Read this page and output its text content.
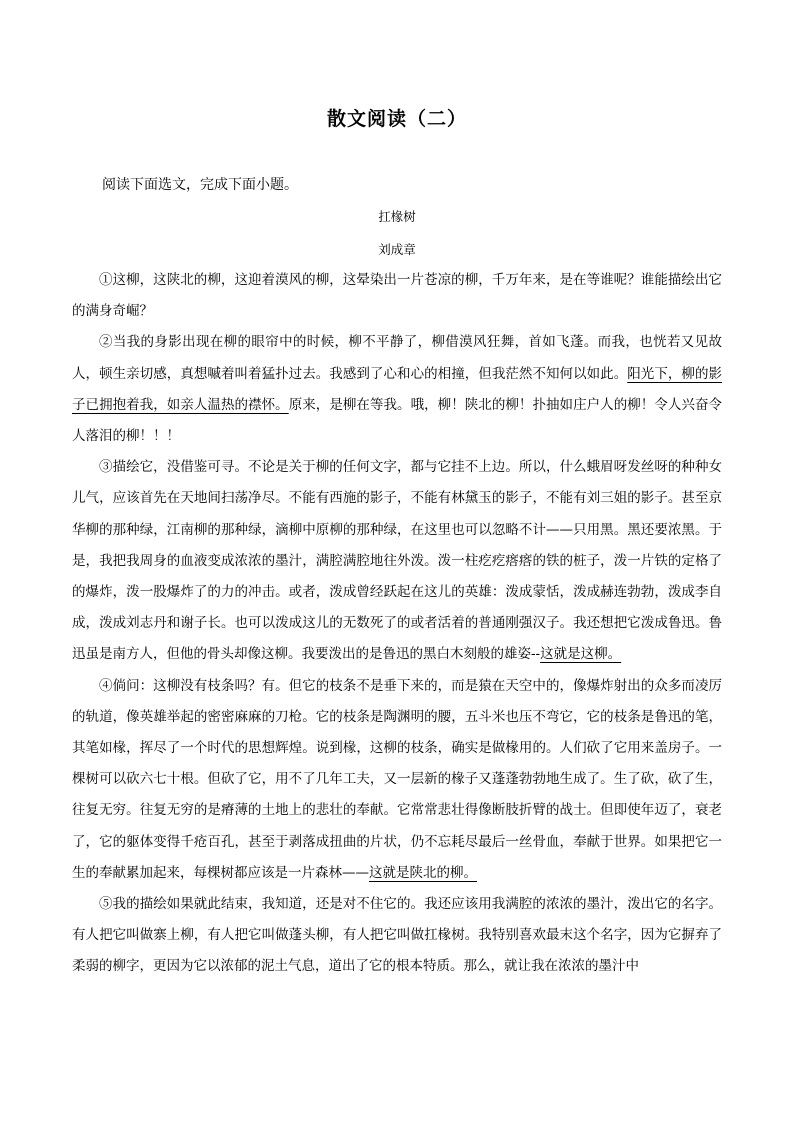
散文阅读（二）
阅读下面选文，完成下面小题。
扛椽树
刘成章

①这柳，这陕北的柳，这迎着漠风的柳，这晕染出一片苍凉的柳，千万年来，是在等谁呢？谁能描绘出它的满身奇崛？

②当我的身影出现在柳的眼帘中的时候，柳不平静了，柳借漠风狂舞，首如飞蓬。而我，也恍若又见故人，顿生亲切感，真想嘁着叫着猛扑过去。我感到了心和心的相撞，但我茫然不知何以如此。阳光下，柳的影子已拥抱着我，如亲人温热的襟怀。原来，是柳在等我。哦，柳！陕北的柳！扑抽如庄户人的柳！令人兴奋令人落泪的柳！！！

③描绘它，没借鉴可寻。不论是关于柳的任何文字，都与它挂不上边。所以，什么蛾眉呀发丝呀的种种女儿气，应该首先在天地间扫荡净尽。不能有西施的影子，不能有林黛玉的影子，不能有刘三姐的影子。甚至京华柳的那种绿，江南柳的那种绿，滴柳中原柳的那种绿，在这里也可以忽略不计——只用黑。黑还要浓黑。于是，我把我周身的血液变成浓浓的墨汁，满腔满腔地往外泼。泼一柱疙疙瘩瘩的铁的桩子，泼一片铁的定格了的爆炸，泼一股爆炸了的力的冲击。或者，泼成曾经跃起在这儿的英雄：泼成蒙恬，泼成赫连勃勃，泼成李自成，泼成刘志丹和谢子长。也可以泼成这儿的无数死了的或者活着的普通刚强汉子。我还想把它泼成鲁迅。鲁迅虽是南方人，但他的骨头却像这柳。我要泼出的是鲁迅的黑白木刻般的雄姿--这就是这柳。

④倘问：这柳没有枝条吗？有。但它的枝条不是垂下来的，而是猿在天空中的，像爆炸射出的众多而凌厉的轨道，像英雄举起的密密麻麻的刀枪。它的枝条是陶渊明的腰，五斗米也压不弯它，它的枝条是鲁迅的笔，其笔如椽，挥尽了一个时代的思想辉煌。说到椽，这柳的枝条，确实是做椽用的。人们砍了它用来盖房子。一棵树可以砍六七十根。但砍了它，用不了几年工夫，又一层新的椽子又蓬蓬勃勃地生成了。生了砍，砍了生，往复无穷。往复无穷的是瘠薄的土地上的悲壮的奉献。它常常悲壮得像断肢折臂的战士。但即使年迈了，衰老了，它的躯体变得千疮百孔，甚至于剥落成扭曲的片状，仍不忘耗尽最后一丝骨血，奉献于世界。如果把它一生的奉献累加起来，每棵树都应该是一片森林——这就是陕北的柳。

⑤我的描绘如果就此结束，我知道，还是对不住它的。我还应该用我满腔的浓浓的墨汁，泼出它的名字。有人把它叫做寨上柳，有人把它叫做蓬头柳，有人把它叫做扛椽树。我特别喜欢最末这个名字，因为它摒弃了柔弱的柳字，更因为它以浓郁的泥土气息，道出了它的根本特质。那么，就让我在浓浓的墨汁中
